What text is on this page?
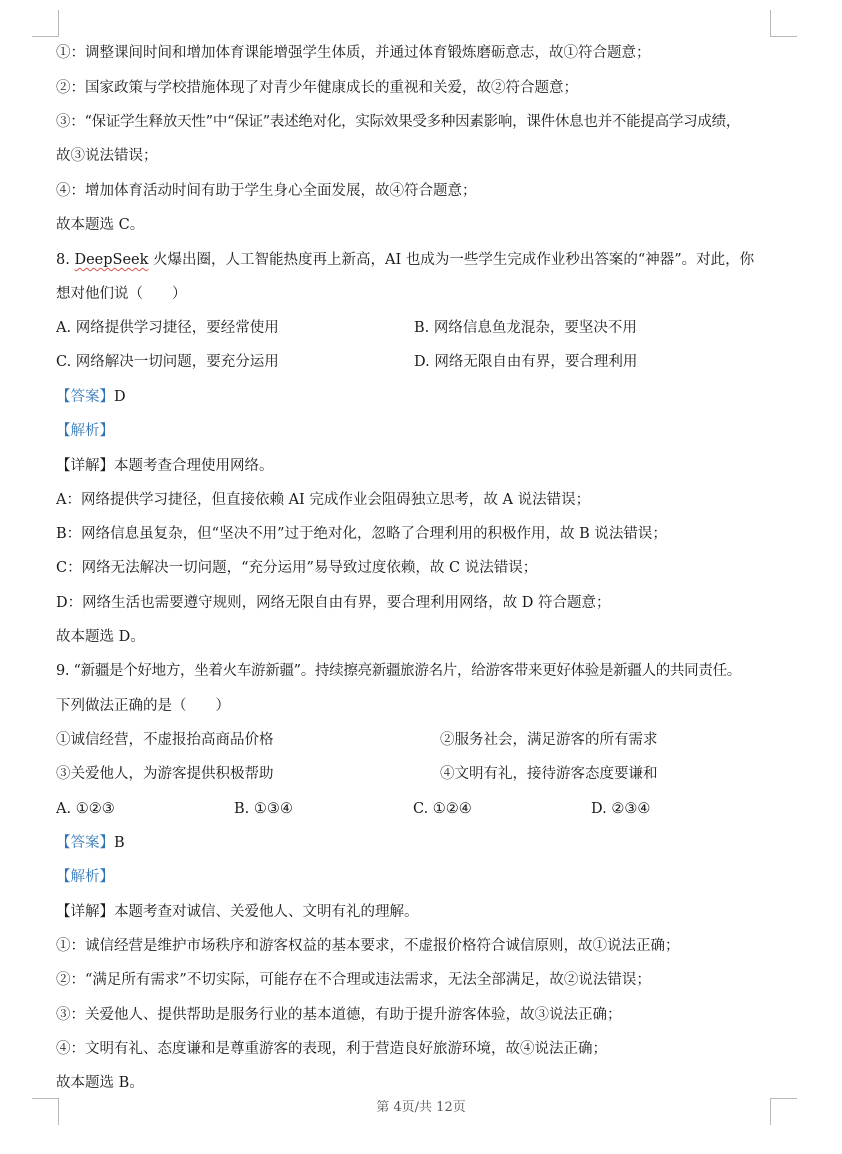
①：调整课间时间和增加体育课能增强学生体质，并通过体育锻炼磨砺意志，故①符合题意；
②：国家政策与学校措施体现了对青少年健康成长的重视和关爱，故②符合题意；
③：“保证学生释放天性”中“保证”表述绝对化，实际效果受多种因素影响，课件休息也并不能提高学习成绩，
故③说法错误；
④：增加体育活动时间有助于学生身心全面发展，故④符合题意；
故本题选 C。
8. DeepSeek 火爆出圈，人工智能热度再上新高，AI 也成为一些学生完成作业秒出答案的“神器”。对此，你
想对他们说（　　）
A. 网络提供学习捷径，要经常使用	B. 网络信息鱼龙混杂，要坚决不用
C. 网络解决一切问题，要充分运用	D. 网络无限自由有界，要合理利用
【答案】D
【解析】
【详解】本题考查合理使用网络。
A：网络提供学习捷径，但直接依赖 AI 完成作业会阻碍独立思考，故 A 说法错误；
B：网络信息虽复杂，但“坚决不用”过于绝对化，忽略了合理利用的积极作用，故 B 说法错误；
C：网络无法解决一切问题，“充分运用”易导致过度依赖，故 C 说法错误；
D：网络生活也需要遵守规则，网络无限自由有界，要合理利用网络，故 D 符合题意；
故本题选 D。
9. “新疆是个好地方，坐着火车游新疆”。持续擦亮新疆旅游名片，给游客带来更好体验是新疆人的共同责任。
下列做法正确的是（　　）
①诚信经营，不虚报抬高商品价格	②服务社会，满足游客的所有需求
③关爱他人，为游客提供积极帮助	④文明有礼，接待游客态度要谦和
A. ①②③	B. ①③④	C. ①②④	D. ②③④
【答案】B
【解析】
【详解】本题考查对诚信、关爱他人、文明有礼的理解。
①：诚信经营是维护市场秩序和游客权益的基本要求，不虚报价格符合诚信原则，故①说法正确；
②：“满足所有需求”不切实际，可能存在不合理或违法需求，无法全部满足，故②说法错误；
③：关爱他人、提供帮助是服务行业的基本道德，有助于提升游客体验，故③说法正确；
④：文明有礼、态度谦和是尊重游客的表现，利于营造良好旅游环境，故④说法正确；
故本题选 B。
第 4页/共 12页
